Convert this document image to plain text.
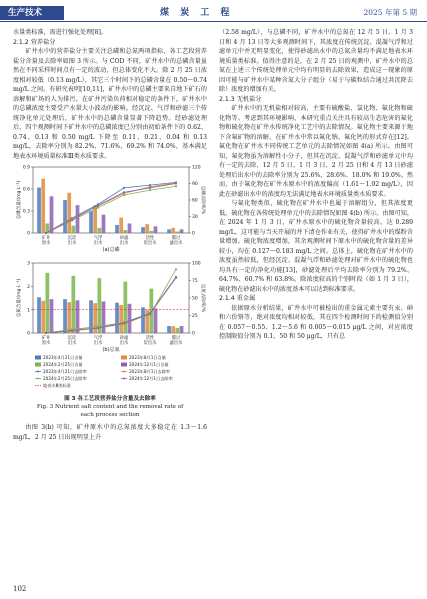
生产技术	煤 炭 工 程	2025 年第 5 期

水量类标准，需进行强化处理[8]。

2.1.2 营养盐分

矿井水中的营养盐分主要关注总磷和总氮两项指标，各工艺段营养盐分含量及去除率如图 3 所示。与 COD 不同，矿井水中的总磷含量虽然在不同采样时间点有一定的波动，但总体变化不大。除 2 月 25 日浓度相对较低（0.13 mg/L），其它三个时间下的总磷含量在 0.50～0.74 mg/L 之间。有研究表明[10,11]，矿井水中的总磷主要来自地下矿石的溶解和矿场的人为排污。在矿井污染负荷相对稳定的条件下，矿井水中的总磷浓度主要受产水量大小波动的影响。经沉淀、气浮和砂滤三个传统净化单元处理后，矿井水中的总磷含量显著下降趋势。经砂滤处理后，四个观测时间下矿井水中的总磷浓度已分别由初始条件下的 0.62、0.74、0.13 和 0.50 mg/L 下降至 0.11、0.21、0.04 和 0.13 mg/L，去除率分别为 82.2%、71.6%、69.2% 和 74.0%，基本满足地表水环境质量标准Ⅲ类水质要求。

0
0.3
0.6
0.9
0
30
60
90
120
总磷含量/(mg·L⁻¹)	总磷去除率/%
矿井
原水
沉淀
出水
气浮
出水
砂滤
出水
活性
炭出水
膜过
滤出水
(a)总磷
0
1
2
3
0
25
50
75
100
总氮含量/(mg·L⁻¹)	总氮去除率/%
矿井
原水
沉淀
出水
气浮
出水
砂滤
出水
活性
炭出水
膜过
滤出水
(b)总氮
2023年4月21日含量	2023年8月1日含量
2024年2月25日含量	2024年12月1日含量
2023年4月21日去除率	2023年8月1日去除率
2024年2月25日去除率	2024年12月1日去除率
地表水Ⅲ类标准
图 3 各工艺段营养盐分含量及去除率
Fig. 3 Nutrient salt content and the removal rate of
each process section

由图 3(b) 可知，矿井原水中的总氮浓度大多稳定在 1.3～1.6 mg/L，2 月 25 日出现明显上升

（2.58 mg/L），与总磷不同，矿井水中的总氮在 12 月 5 日、1 月 3 日和 4 月 13 日等大多观测时间下，其浓度在传统沉淀、混凝气浮和过滤单元中并无明显变化，使得砂滤出水中的总氮含量均不满足地表水环境质量类标准。值得注意的是，在 2 月 25 日的观测中，矿井水中的总氮在上述三个传统处理单元中均有明显的去除效果，造成这一现象的原因可能与矿井水中某种含氮大分子组分（易于与碳粒结合通过共沉降去除）浓度的增加有关。

2.1.3 无机盐分

矿井水中的无机盐相对较高，主要有硫酸盐、氯化物、氟化物和硫化物等。考虑到其环境影响，本研究重点关注具有较高生态危害的氟化物和硫化物在矿井水传统净化工艺中的去除情况。氟化物主要来源于地下含氟矿物的溶解，在矿井水中常以氟化钠、氟化钙的形式存在[12]。氟化物在矿井水不同传统工艺单元的去除情况如图 4(a) 所示。由图可知，氟化物虽为溶解性小分子，但其在沉淀、混凝气浮和砂滤单元中均有一定的去除，12 月 5 日、1 月 3 日、2 月 25 日和 4 月 13 日砂滤处理后出水中的去除率分别为 25.6%、28.6%、18.0% 和 19.0%。然而，由于氟化物在矿井水原水中的浓度偏高（1.61～1.92 mg/L），因此在砂滤出水中的浓度均无法满足地表水环境质量类水质要求。

与氟化物类似，硫化物在矿井水中也属于溶解组分，但其浓度更低。硫化物在各传统处理单元中的去除情况如图 4(b) 所示。由图可知，在 2024 年 1 月 3 日，矿井水原水中的硫化物含量较高，达 0.289 mg/L，这可能与当天开展的井下清仓作业有关，使得矿井水中的煤粉含量增加。硫化物浓度增加，其余观测时间下原水中的硫化物含量的差异较小，均在 0.127～0.183 mg/L 之间。总体上，硫化物在矿井水中的浓度虽然较低，但经沉淀、混凝气浮和砂滤处理对矿井水中的硫化物也均具有一定的净化功能[13]，砂滤处理后平均去除率分别为 79.2%、64.7%、60.7% 和 63.8%。除浓度较高的个别时段（如 1 月 3 日），硫化物在砂滤出水中的浓度基本可以达到标准要求。

2.1.4 重金属

依据原水分析结果，矿井水中可被检出的重金属元素主要有汞、砷和六价铬等，绝对浓度均相对较低，其在四个检测时间下的检测值分别在 0.057～0.55、1.2～5.6 和 0.005～0.015 μg/L 之间，对应浓度控制限值分别为 0.1、50 和 50 μg/L，只有总

102
